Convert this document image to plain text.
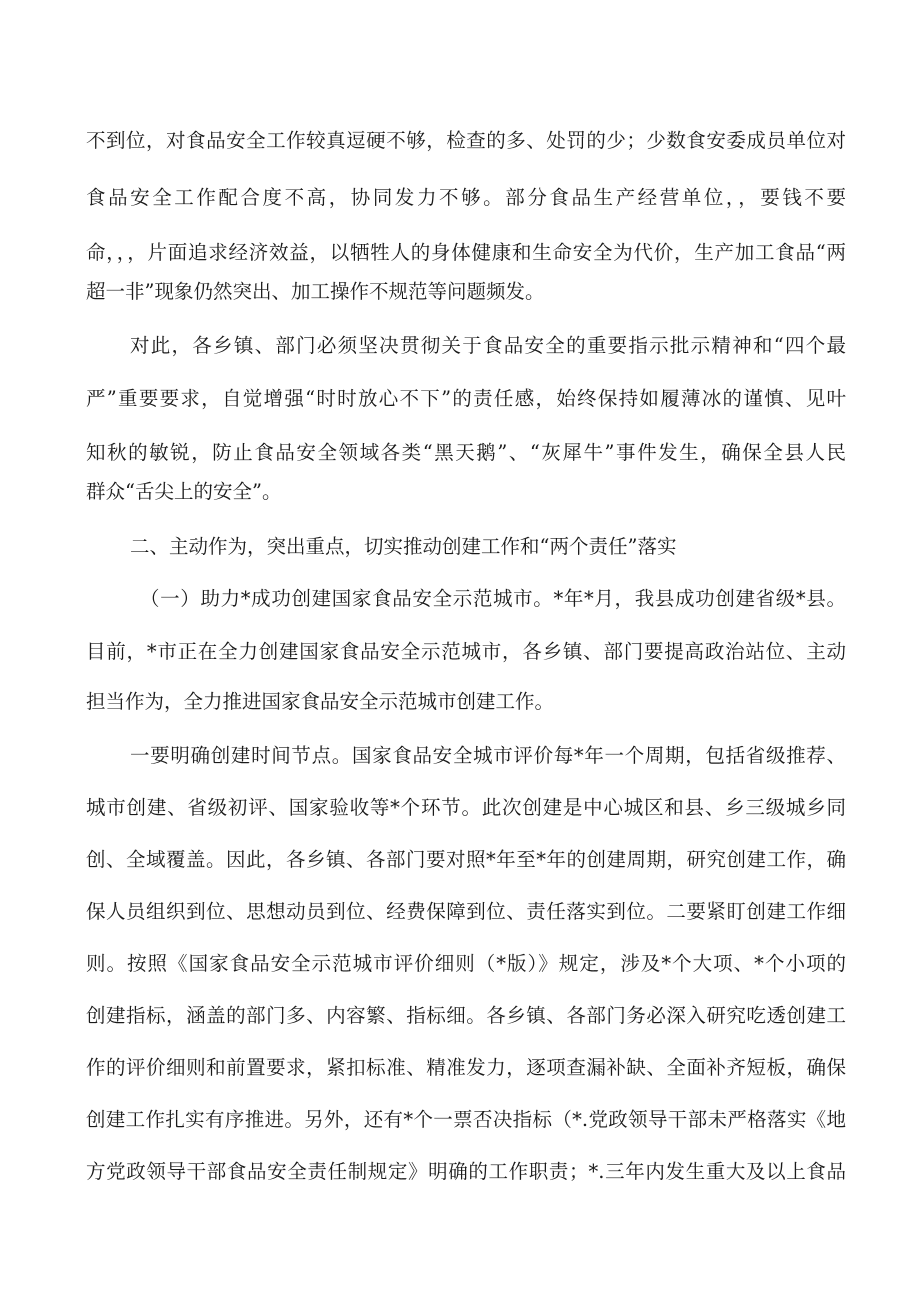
不到位，对食品安全工作较真逗硬不够，检查的多、处罚的少；少数食安委成员单位对
食品安全工作配合度不高，协同发力不够。部分食品生产经营单位，，要钱不要
命，，，片面追求经济效益，以牺牲人的身体健康和生命安全为代价，生产加工食品“两
超一非”现象仍然突出、加工操作不规范等问题频发。
对此，各乡镇、部门必须坚决贯彻关于食品安全的重要指示批示精神和“四个最
严”重要要求，自觉增强“时时放心不下”的责任感，始终保持如履薄冰的谨慎、见叶
知秋的敏锐，防止食品安全领域各类“黑天鹅”、“灰犀牛”事件发生，确保全县人民
群众“舌尖上的安全”。
二、主动作为，突出重点，切实推动创建工作和“两个责任”落实
（一）助力*成功创建国家食品安全示范城市。*年*月，我县成功创建省级*县。
目前，*市正在全力创建国家食品安全示范城市，各乡镇、部门要提高政治站位、主动
担当作为，全力推进国家食品安全示范城市创建工作。
一要明确创建时间节点。国家食品安全城市评价每*年一个周期，包括省级推荐、
城市创建、省级初评、国家验收等*个环节。此次创建是中心城区和县、乡三级城乡同
创、全域覆盖。因此，各乡镇、各部门要对照*年至*年的创建周期，研究创建工作，确
保人员组织到位、思想动员到位、经费保障到位、责任落实到位。二要紧盯创建工作细
则。按照《国家食品安全示范城市评价细则（*版）》规定，涉及*个大项、*个小项的
创建指标，涵盖的部门多、内容繁、指标细。各乡镇、各部门务必深入研究吃透创建工
作的评价细则和前置要求，紧扣标准、精准发力，逐项查漏补缺、全面补齐短板，确保
创建工作扎实有序推进。另外，还有*个一票否决指标（*.党政领导干部未严格落实《地
方党政领导干部食品安全责任制规定》明确的工作职责；*.三年内发生重大及以上食品
